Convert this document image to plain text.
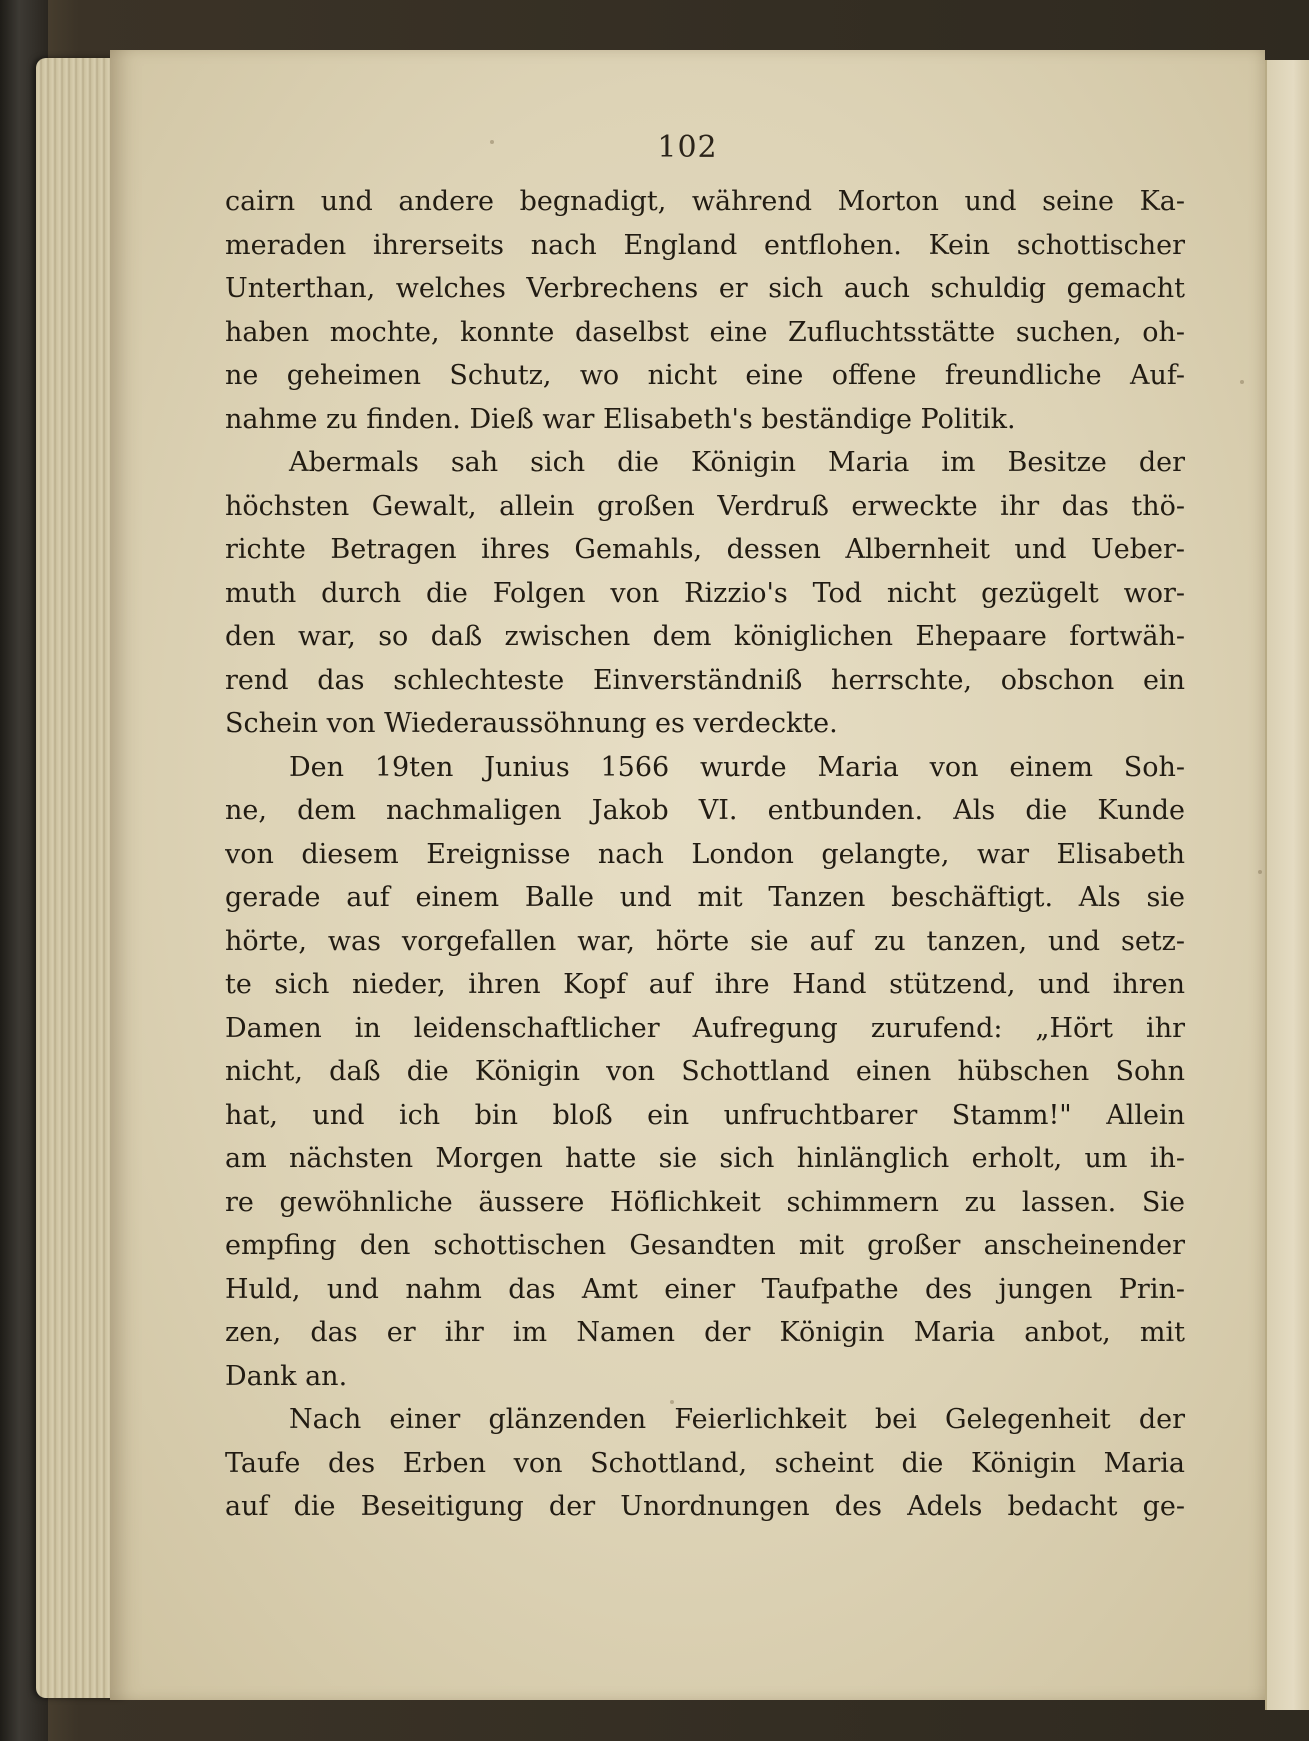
102
cairn und andere begnadigt, während Morton und seine Ka-
meraden ihrerseits nach England entflohen. Kein schottischer
Unterthan, welches Verbrechens er sich auch schuldig gemacht
haben mochte, konnte daselbst eine Zufluchtsstätte suchen, oh-
ne geheimen Schutz, wo nicht eine offene freundliche Auf-
nahme zu finden. Dieß war Elisabeth's beständige Politik.
Abermals sah sich die Königin Maria im Besitze der
höchsten Gewalt, allein großen Verdruß erweckte ihr das thö-
richte Betragen ihres Gemahls, dessen Albernheit und Ueber-
muth durch die Folgen von Rizzio's Tod nicht gezügelt wor-
den war, so daß zwischen dem königlichen Ehepaare fortwäh-
rend das schlechteste Einverständniß herrschte, obschon ein
Schein von Wiederaussöhnung es verdeckte.
Den 19ten Junius 1566 wurde Maria von einem Soh-
ne, dem nachmaligen Jakob VI. entbunden. Als die Kunde
von diesem Ereignisse nach London gelangte, war Elisabeth
gerade auf einem Balle und mit Tanzen beschäftigt. Als sie
hörte, was vorgefallen war, hörte sie auf zu tanzen, und setz-
te sich nieder, ihren Kopf auf ihre Hand stützend, und ihren
Damen in leidenschaftlicher Aufregung zurufend: „Hört ihr
nicht, daß die Königin von Schottland einen hübschen Sohn
hat, und ich bin bloß ein unfruchtbarer Stamm!" Allein
am nächsten Morgen hatte sie sich hinlänglich erholt, um ih-
re gewöhnliche äussere Höflichkeit schimmern zu lassen. Sie
empfing den schottischen Gesandten mit großer anscheinender
Huld, und nahm das Amt einer Taufpathe des jungen Prin-
zen, das er ihr im Namen der Königin Maria anbot, mit
Dank an.
Nach einer glänzenden Feierlichkeit bei Gelegenheit der
Taufe des Erben von Schottland, scheint die Königin Maria
auf die Beseitigung der Unordnungen des Adels bedacht ge-
